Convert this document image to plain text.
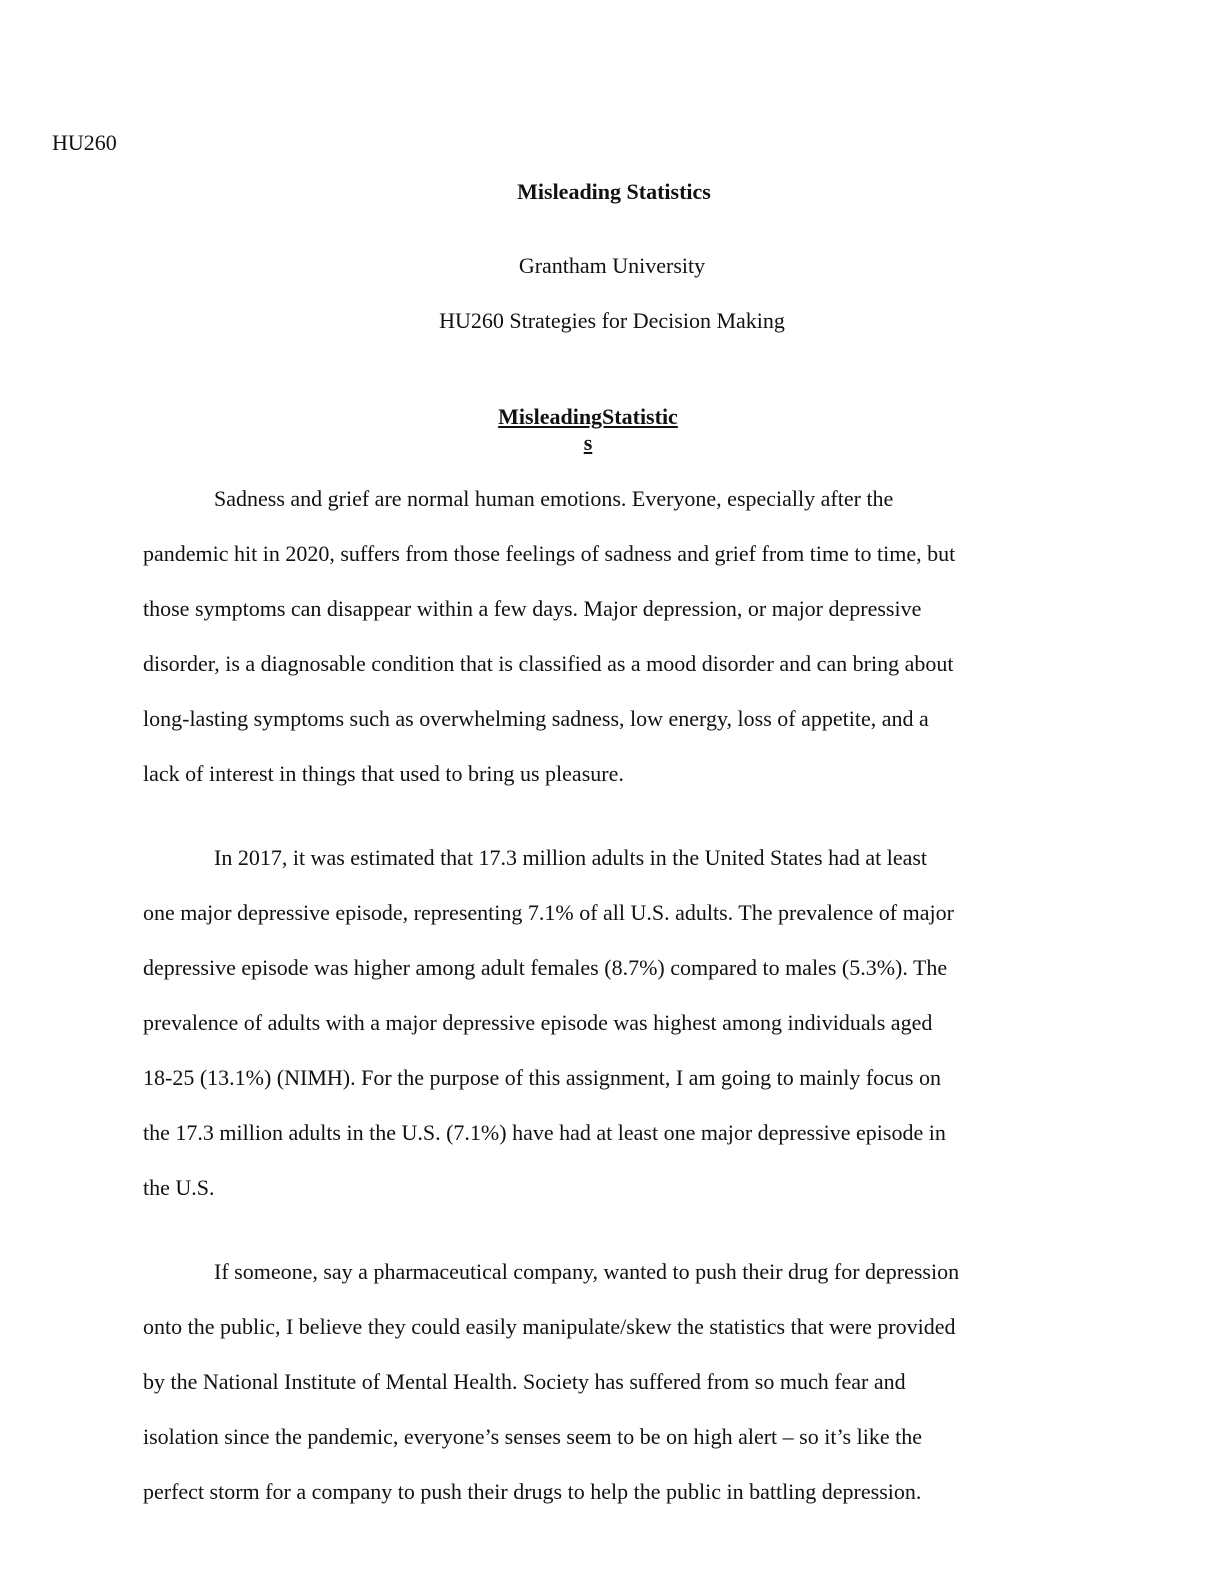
HU260
Misleading Statistics
Grantham University
HU260 Strategies for Decision Making
MisleadingStatistics
Sadness and grief are normal human emotions. Everyone, especially after the
pandemic hit in 2020, suffers from those feelings of sadness and grief from time to time, but
those symptoms can disappear within a few days. Major depression, or major depressive
disorder, is a diagnosable condition that is classified as a mood disorder and can bring about
long-lasting symptoms such as overwhelming sadness, low energy, loss of appetite, and a
lack of interest in things that used to bring us pleasure.
In 2017, it was estimated that 17.3 million adults in the United States had at least
one major depressive episode, representing 7.1% of all U.S. adults. The prevalence of major
depressive episode was higher among adult females (8.7%) compared to males (5.3%). The
prevalence of adults with a major depressive episode was highest among individuals aged
18-25 (13.1%) (NIMH). For the purpose of this assignment, I am going to mainly focus on
the 17.3 million adults in the U.S. (7.1%) have had at least one major depressive episode in
the U.S.
If someone, say a pharmaceutical company, wanted to push their drug for depression
onto the public, I believe they could easily manipulate/skew the statistics that were provided
by the National Institute of Mental Health. Society has suffered from so much fear and
isolation since the pandemic, everyone’s senses seem to be on high alert – so it’s like the
perfect storm for a company to push their drugs to help the public in battling depression.
